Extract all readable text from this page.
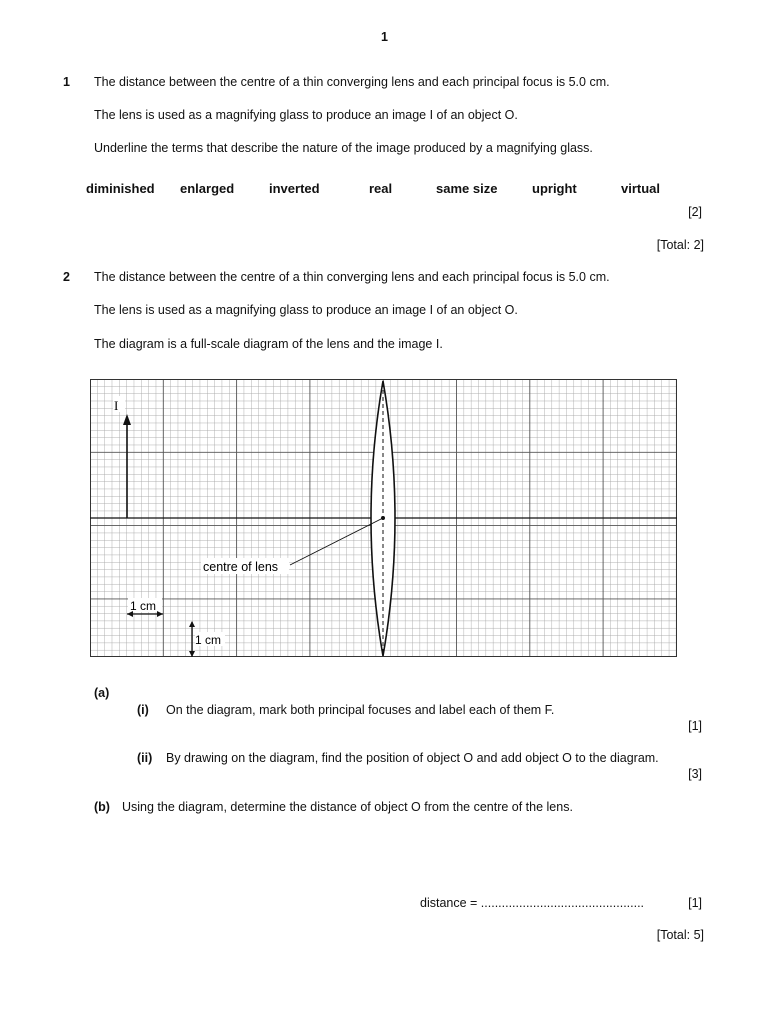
1
1 The distance between the centre of a thin converging lens and each principal focus is 5.0 cm.
The lens is used as a magnifying glass to produce an image I of an object O.
Underline the terms that describe the nature of the image produced by a magnifying glass.
diminished enlarged	inverted	real	same size	upright	virtual
[2]
[Total: 2]
2 The distance between the centre of a thin converging lens and each principal focus is 5.0 cm.
The lens is used as a magnifying glass to produce an image I of an object O.
The diagram is a full-scale diagram of the lens and the image I.
I
centre of lens
1 cm
1 cm
(a)
(i) On the diagram, mark both principal focuses and label each of them F.
[1]
(ii) By drawing on the diagram, find the position of object O and add object O to the diagram.
[3]
(b) Using the diagram, determine the distance of object O from the centre of the lens.
distance = ...............................................	[1]
[Total: 5]
